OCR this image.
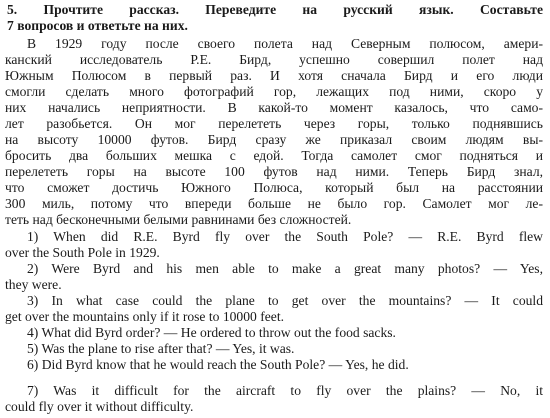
5. Прочтите рассказ. Переведите на русский язык. Составьте
7 вопросов и ответьте на них.
В 1929 году после своего полета над Северным полюсом, амери-
канский исследователь Р.Е. Бирд, успешно совершил полет над
Южным Полюсом в первый раз. И хотя сначала Бирд и его люди
смогли сделать много фотографий гор, лежащих под ними, скоро у
них начались неприятности. В какой-то момент казалось, что само-
лет разобьется. Он мог перелететь через горы, только поднявшись
на высоту 10000 футов. Бирд сразу же приказал своим людям вы-
бросить два больших мешка с едой. Тогда самолет смог подняться и
перелететь горы на высоте 100 футов над ними. Теперь Бирд знал,
что сможет достичь Южного Полюса, который был на расстоянии
300 миль, потому что впереди больше не было гор. Самолет мог ле-
теть над бесконечными белыми равнинами без сложностей.
1) When did R.E. Byrd fly over the South Pole? — R.E. Byrd flew
over the South Pole in 1929.
2) Were Byrd and his men able to make a great many photos? — Yes,
they were.
3) In what case could the plane to get over the mountains? — It could
get over the mountains only if it rose to 10000 feet.
4) What did Byrd order? — He ordered to throw out the food sacks.
5) Was the plane to rise after that? — Yes, it was.
6) Did Byrd know that he would reach the South Pole? — Yes, he did.
7) Was it difficult for the aircraft to fly over the plains? — No, it
could fly over it without difficulty.
